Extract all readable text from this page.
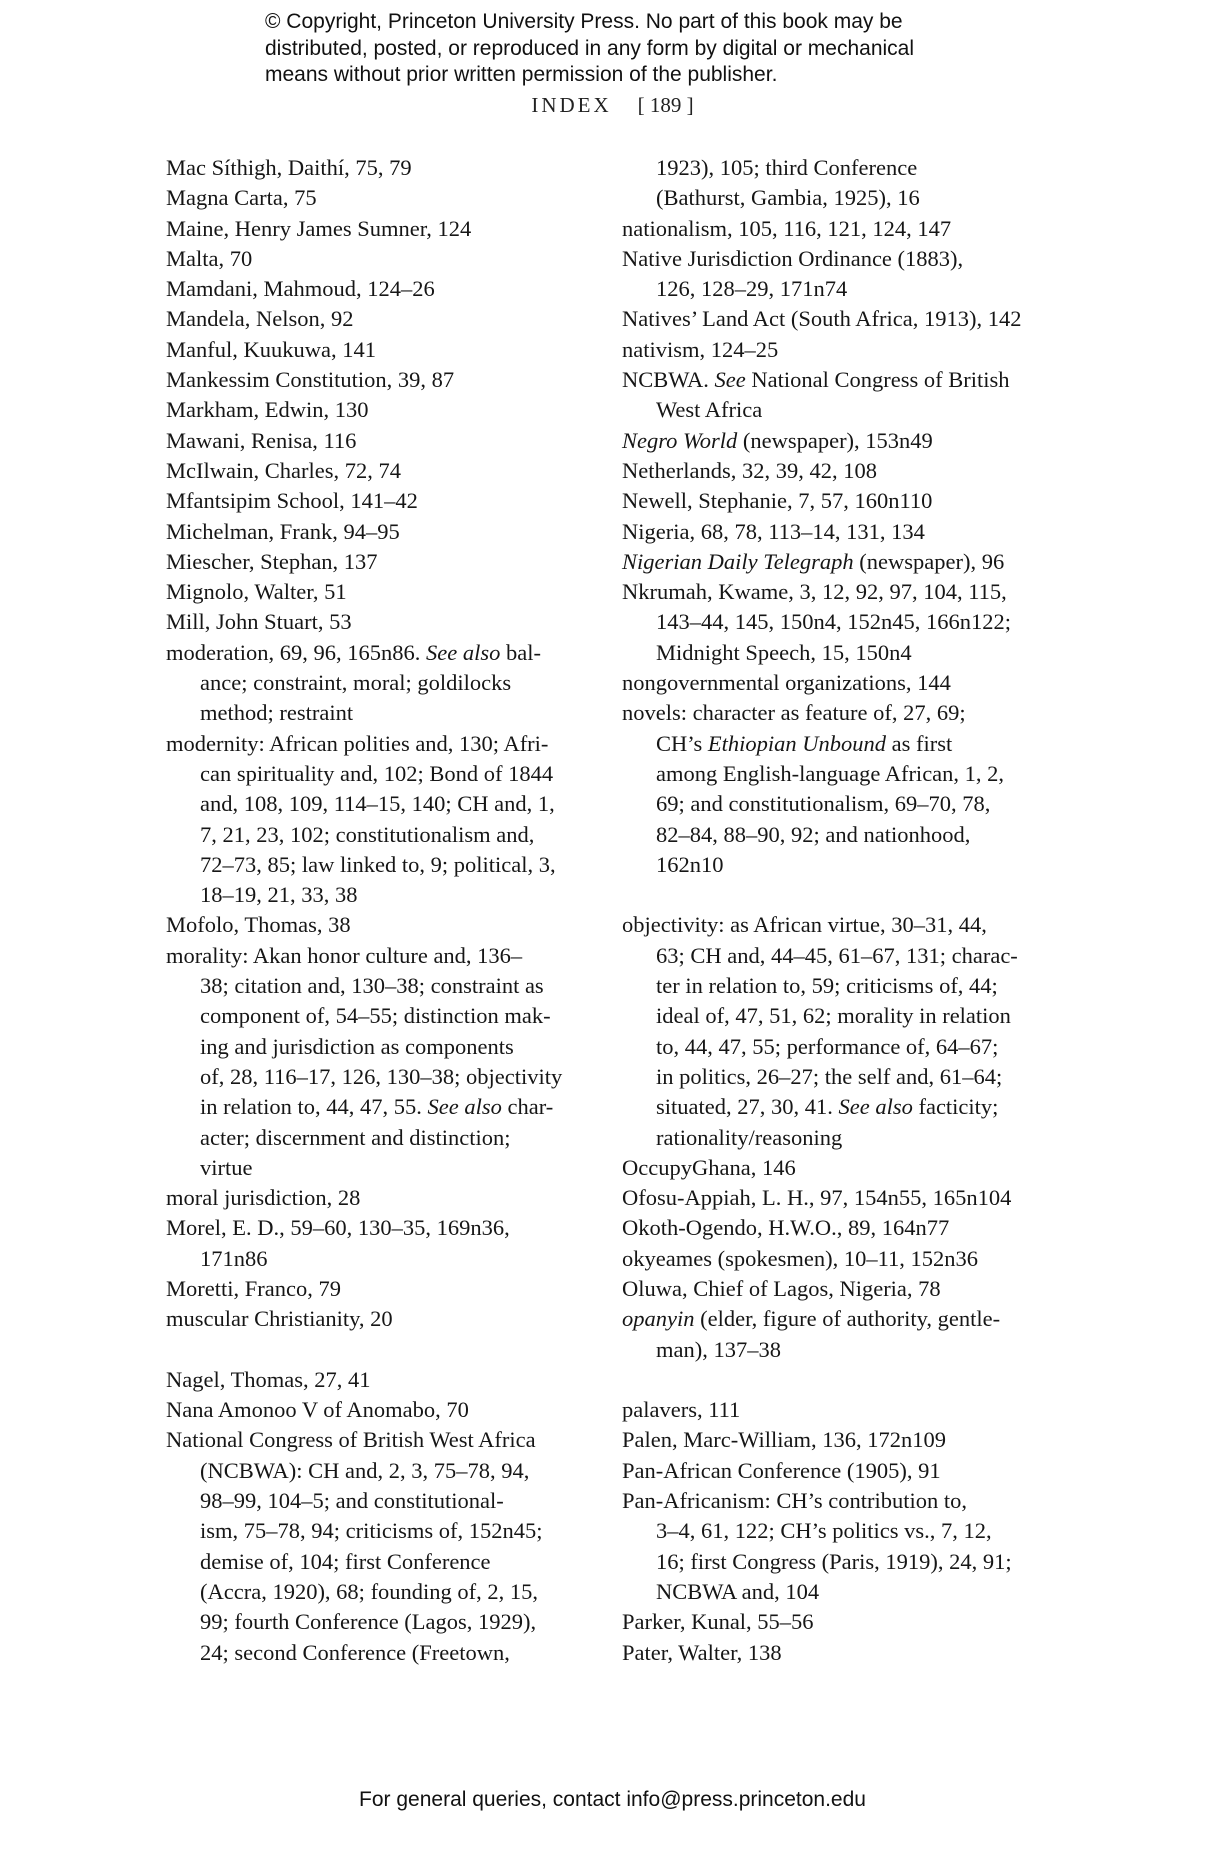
© Copyright, Princeton University Press. No part of this book may be
distributed, posted, or reproduced in any form by digital or mechanical
means without prior written permission of the publisher.
INDEX [ 189 ]
Mac Síthigh, Daithí, 75, 79
Magna Carta, 75
Maine, Henry James Sumner, 124
Malta, 70
Mamdani, Mahmoud, 124–26
Mandela, Nelson, 92
Manful, Kuukuwa, 141
Mankessim Constitution, 39, 87
Markham, Edwin, 130
Mawani, Renisa, 116
McIlwain, Charles, 72, 74
Mfantsipim School, 141–42
Michelman, Frank, 94–95
Miescher, Stephan, 137
Mignolo, Walter, 51
Mill, John Stuart, 53
moderation, 69, 96, 165n86. See also bal-
ance; constraint, moral; goldilocks
method; restraint
modernity: African polities and, 130; Afri-
can spirituality and, 102; Bond of 1844
and, 108, 109, 114–15, 140; CH and, 1,
7, 21, 23, 102; constitutionalism and,
72–73, 85; law linked to, 9; political, 3,
18–19, 21, 33, 38
Mofolo, Thomas, 38
morality: Akan honor culture and, 136–
38; citation and, 130–38; constraint as
component of, 54–55; distinction mak-
ing and jurisdiction as components
of, 28, 116–17, 126, 130–38; objectivity
in relation to, 44, 47, 55. See also char-
acter; discernment and distinction;
virtue
moral jurisdiction, 28
Morel, E. D., 59–60, 130–35, 169n36,
171n86
Moretti, Franco, 79
muscular Christianity, 20
Nagel, Thomas, 27, 41
Nana Amonoo V of Anomabo, 70
National Congress of British West Africa
(NCBWA): CH and, 2, 3, 75–78, 94,
98–99, 104–5; and constitutional-
ism, 75–78, 94; criticisms of, 152n45;
demise of, 104; first Conference
(Accra, 1920), 68; founding of, 2, 15,
99; fourth Conference (Lagos, 1929),
24; second Conference (Freetown,
1923), 105; third Conference
(Bathurst, Gambia, 1925), 16
nationalism, 105, 116, 121, 124, 147
Native Jurisdiction Ordinance (1883),
126, 128–29, 171n74
Natives’ Land Act (South Africa, 1913), 142
nativism, 124–25
NCBWA. See National Congress of British
West Africa
Negro World (newspaper), 153n49
Netherlands, 32, 39, 42, 108
Newell, Stephanie, 7, 57, 160n110
Nigeria, 68, 78, 113–14, 131, 134
Nigerian Daily Telegraph (newspaper), 96
Nkrumah, Kwame, 3, 12, 92, 97, 104, 115,
143–44, 145, 150n4, 152n45, 166n122;
Midnight Speech, 15, 150n4
nongovernmental organizations, 144
novels: character as feature of, 27, 69;
CH’s Ethiopian Unbound as first
among English-language African, 1, 2,
69; and constitutionalism, 69–70, 78,
82–84, 88–90, 92; and nationhood,
162n10
objectivity: as African virtue, 30–31, 44,
63; CH and, 44–45, 61–67, 131; charac-
ter in relation to, 59; criticisms of, 44;
ideal of, 47, 51, 62; morality in relation
to, 44, 47, 55; performance of, 64–67;
in politics, 26–27; the self and, 61–64;
situated, 27, 30, 41. See also facticity;
rationality/reasoning
OccupyGhana, 146
Ofosu-Appiah, L. H., 97, 154n55, 165n104
Okoth-Ogendo, H.W.O., 89, 164n77
okyeames (spokesmen), 10–11, 152n36
Oluwa, Chief of Lagos, Nigeria, 78
opanyin (elder, figure of authority, gentle-
man), 137–38
palavers, 111
Palen, Marc-William, 136, 172n109
Pan-African Conference (1905), 91
Pan-Africanism: CH’s contribution to,
3–4, 61, 122; CH’s politics vs., 7, 12,
16; first Congress (Paris, 1919), 24, 91;
NCBWA and, 104
Parker, Kunal, 55–56
Pater, Walter, 138
For general queries, contact info@press.princeton.edu
